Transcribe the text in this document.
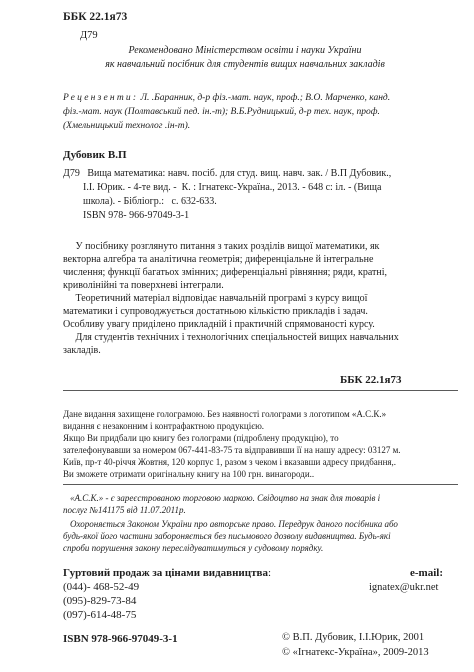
ББК 22.1я73
Д79
Рекомендовано Міністерством освіти і науки України
як навчальний посібник для студентів вищих навчальних закладів
Рецензенти: Л. .Баранник, д-р фіз.-мат. наук, проф.; В.О. Марченко, канд.
фіз.-мат. наук (Полтавський пед. ін.-т); В.Б.Рудницький, д-р тех. наук, проф.
(Хмельницький технолог .ін-т).
Дубовик В.П
Д79   Вища математика: навч. посіб. для студ. вищ. навч. зак. / В.П Дубовик.,
І.І. Юрик. - 4-те вид. -  К. : Ігнатекс-Україна., 2013. - 648 с: іл. - (Вища
школа). - Бібліогр.:   с. 632-633.
ISBN 978- 966-97049-3-1
У посібнику розглянуто питання з таких розділів вищої математики, як
векторна алгебра та аналітична геометрія; диференціальне й інтегральне
числення; функції багатьох змінних; диференціальні рівняння; ряди, кратні,
криволінійні та поверхневі інтеграли.
Теоретичний матеріал відповідає навчальній програмі з курсу вищої
математики і супроводжується достатньою кількістю прикладів і задач.
Особливу увагу приділено прикладній і практичній спрямованості курсу.
Для студентів технічних і технологічних спеціальностей вищих навчальних
закладів.
ББК 22.1я73
Дане видання захищене голограмою. Без наявності голограми з логотипом «А.С.К.»
видання є незаконним і контрафактною продукцією.
Якщо Ви придбали цю книгу без голограми (підроблену продукцію), то
зателефонувавши за номером 067-441-83-75 та відправивши її на нашу адресу: 03127 м.
Київ, пр-т 40-річчя Жовтня, 120 корпус 1, разом з чеком і вказавши адресу придбання,.
Ви зможете отримати оригінальну книгу на 100 грн. винагороди..
«А.С.К.» - є зареєстрованою торговою маркою. Свідоцтво на знак для товарів і
послуг №141175 від 11.07.2011р.
Охороняється Законом України про авторське право. Передрук даного посібника або
будь-якої його частини забороняється без письмового дозволу видавництва. Будь-які
спроби порушення закону переслідуватимуться у судовому порядку.
Гуртовий продаж за цінами видавництва:	e-mail:
(044)- 468-52-49	ignatex@ukr.net
(095)-829-73-84
(097)-614-48-75
ISBN 978-966-97049-3-1	© В.П. Дубовик, І.І.Юрик, 2001
© «Ігнатекс-Україна», 2009-2013
